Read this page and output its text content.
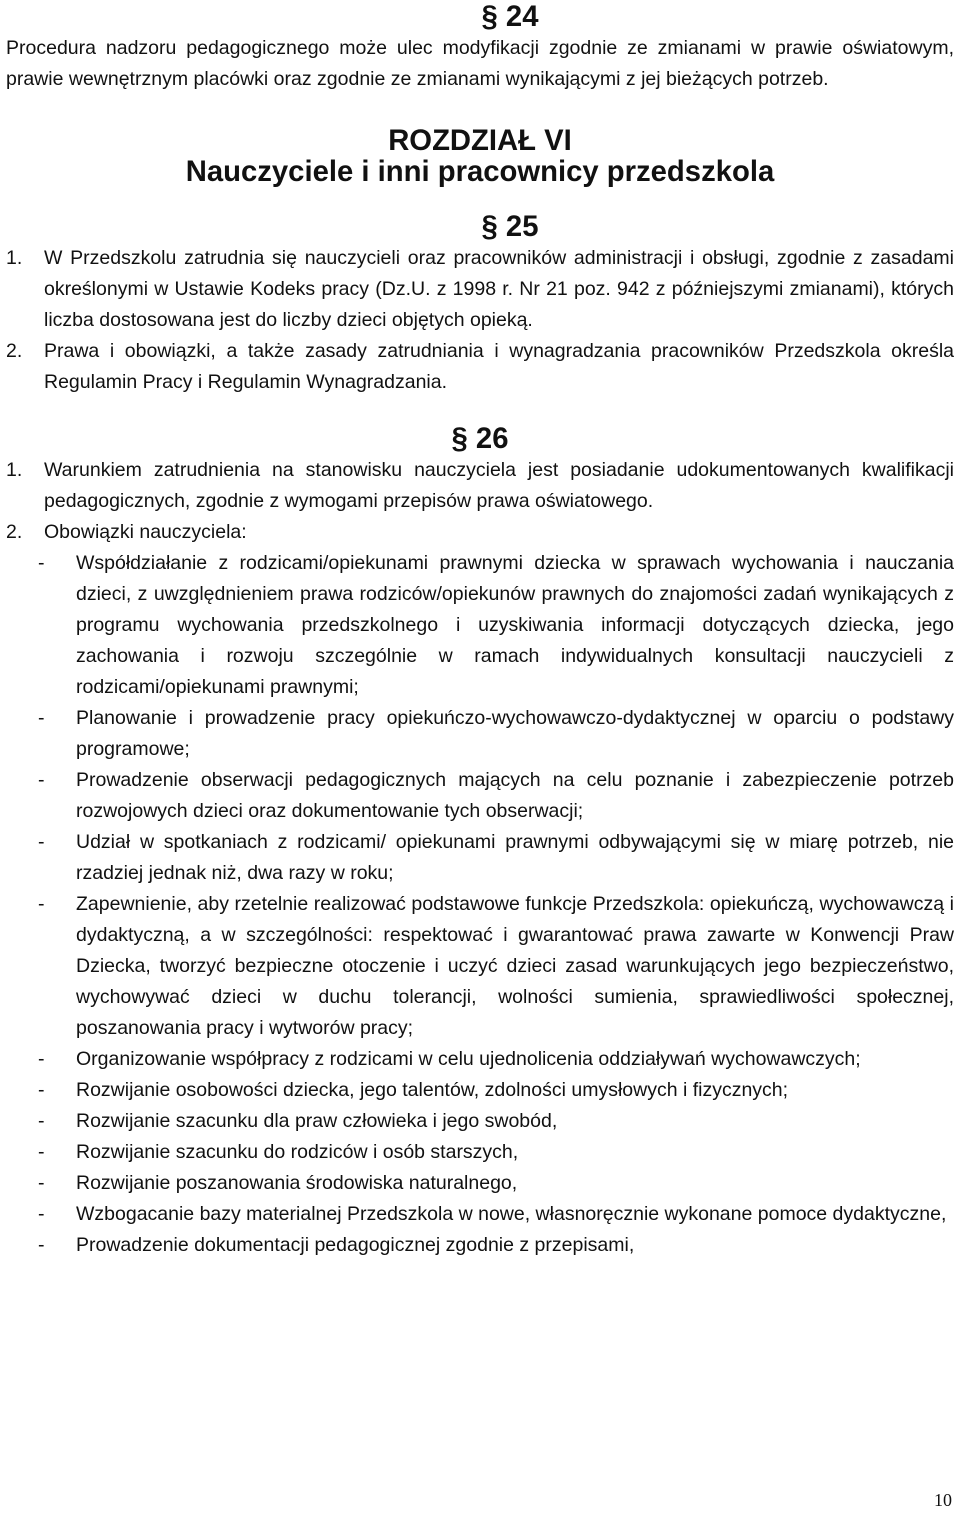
§ 24

Procedura nadzoru pedagogicznego może ulec modyfikacji zgodnie ze zmianami w prawie oświatowym, prawie wewnętrznym placówki oraz zgodnie ze zmianami wynikającymi z jej bieżących potrzeb.

ROZDZIAŁ VI
Nauczyciele i inni pracownicy przedszkola
§ 25
1.	W Przedszkolu zatrudnia się nauczycieli oraz pracowników administracji i obsługi, zgodnie z zasadami określonymi w Ustawie Kodeks pracy (Dz.U. z 1998 r. Nr 21 poz. 942 z późniejszymi zmianami), których liczba dostosowana jest do liczby dzieci objętych opieką.
2.	Prawa i obowiązki, a także zasady zatrudniania i wynagradzania pracowników Przedszkola określa Regulamin Pracy i Regulamin Wynagradzania.
§ 26
1.	Warunkiem zatrudnienia na stanowisku nauczyciela jest posiadanie udokumentowanych kwalifikacji pedagogicznych, zgodnie z wymogami przepisów prawa oświatowego.
2.	Obowiązki nauczyciela:
-	Współdziałanie z rodzicami/opiekunami prawnymi dziecka w sprawach wychowania i nauczania dzieci, z uwzględnieniem prawa rodziców/opiekunów prawnych do znajomości zadań wynikających z programu wychowania przedszkolnego i uzyskiwania informacji dotyczących dziecka, jego zachowania i rozwoju szczególnie w ramach indywidualnych konsultacji nauczycieli z rodzicami/opiekunami prawnymi;
-	Planowanie i prowadzenie pracy opiekuńczo-wychowawczo-dydaktycznej w oparciu o podstawy programowe;
-	Prowadzenie obserwacji pedagogicznych mających na celu poznanie i zabezpieczenie potrzeb rozwojowych dzieci oraz dokumentowanie tych obserwacji;
-	Udział w spotkaniach z rodzicami/ opiekunami prawnymi odbywającymi się w miarę potrzeb, nie rzadziej jednak niż, dwa razy w roku;
-	Zapewnienie, aby rzetelnie realizować podstawowe funkcje Przedszkola: opiekuńczą, wychowawczą i dydaktyczną, a w szczególności: respektować i gwarantować prawa zawarte w Konwencji Praw Dziecka, tworzyć bezpieczne otoczenie i uczyć dzieci zasad warunkujących jego bezpieczeństwo, wychowywać dzieci w duchu tolerancji, wolności sumienia, sprawiedliwości społecznej, poszanowania pracy i wytworów pracy;
-	Organizowanie współpracy z rodzicami w celu ujednolicenia oddziaływań wychowawczych;
-	Rozwijanie osobowości dziecka, jego talentów, zdolności umysłowych i fizycznych;
-	Rozwijanie szacunku dla praw człowieka i jego swobód,
-	Rozwijanie szacunku do rodziców i osób starszych,
-	Rozwijanie poszanowania środowiska naturalnego,
-	Wzbogacanie bazy materialnej Przedszkola w nowe, własnoręcznie wykonane pomoce dydaktyczne,
-	Prowadzenie dokumentacji pedagogicznej zgodnie z przepisami,
10
